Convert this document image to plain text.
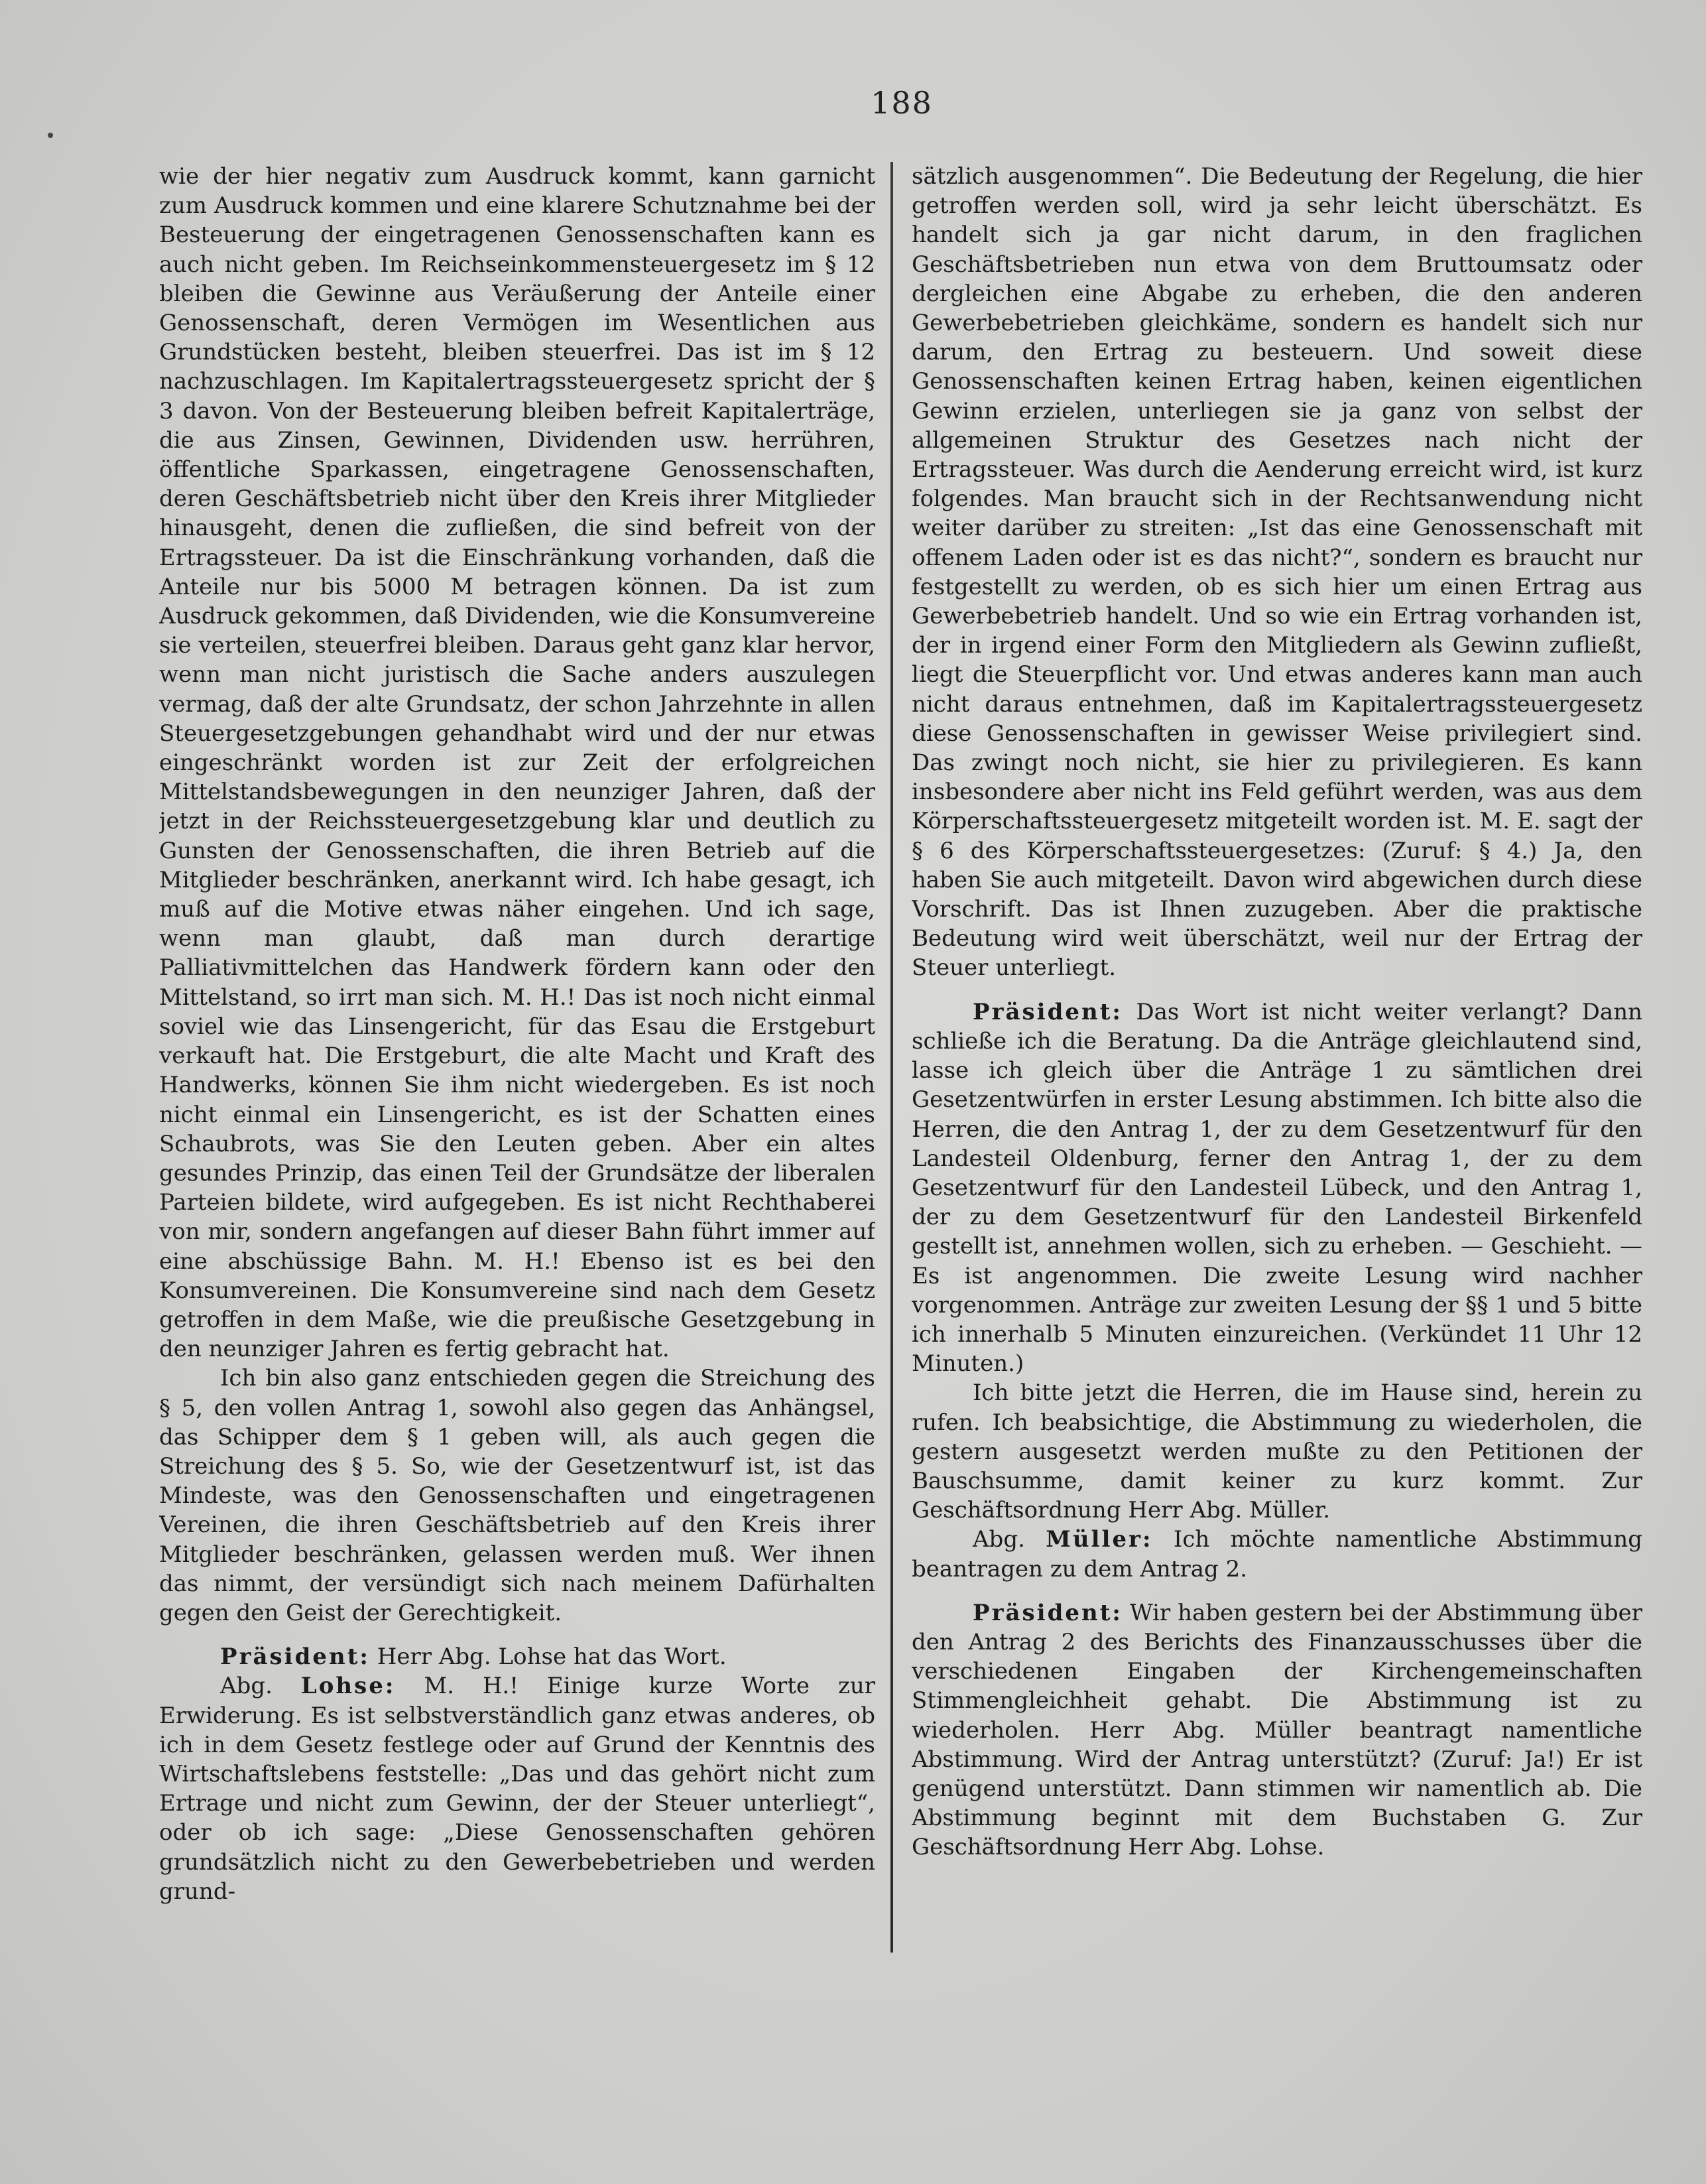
188

wie der hier negativ zum Ausdruck kommt, kann garnicht zum Ausdruck kommen und eine klarere Schutznahme bei der Besteuerung der eingetragenen Genossenschaften kann es auch nicht geben. Im Reichseinkommensteuergesetz im § 12 bleiben die Gewinne aus Veräußerung der Anteile einer Genossenschaft, deren Vermögen im Wesentlichen aus Grundstücken besteht, bleiben steuerfrei. Das ist im § 12 nachzuschlagen. Im Kapitalertragssteuergesetz spricht der § 3 davon. Von der Besteuerung bleiben befreit Kapitalerträge, die aus Zinsen, Gewinnen, Dividenden usw. herrühren, öffentliche Sparkassen, eingetragene Genossenschaften, deren Geschäftsbetrieb nicht über den Kreis ihrer Mitglieder hinausgeht, denen die zufließen, die sind befreit von der Ertragssteuer. Da ist die Einschränkung vorhanden, daß die Anteile nur bis 5000 M betragen können. Da ist zum Ausdruck gekommen, daß Dividenden, wie die Konsumvereine sie verteilen, steuerfrei bleiben. Daraus geht ganz klar hervor, wenn man nicht juristisch die Sache anders auszulegen vermag, daß der alte Grundsatz, der schon Jahrzehnte in allen Steuergesetzgebungen gehandhabt wird und der nur etwas eingeschränkt worden ist zur Zeit der erfolgreichen Mittelstandsbewegungen in den neunziger Jahren, daß der jetzt in der Reichssteuergesetzgebung klar und deutlich zu Gunsten der Genossenschaften, die ihren Betrieb auf die Mitglieder beschränken, anerkannt wird. Ich habe gesagt, ich muß auf die Motive etwas näher eingehen. Und ich sage, wenn man glaubt, daß man durch derartige Palliativmittelchen das Handwerk fördern kann oder den Mittelstand, so irrt man sich. M. H.! Das ist noch nicht einmal soviel wie das Linsengericht, für das Esau die Erstgeburt verkauft hat. Die Erstgeburt, die alte Macht und Kraft des Handwerks, können Sie ihm nicht wiedergeben. Es ist noch nicht einmal ein Linsengericht, es ist der Schatten eines Schaubrots, was Sie den Leuten geben. Aber ein altes gesundes Prinzip, das einen Teil der Grundsätze der liberalen Parteien bildete, wird aufgegeben. Es ist nicht Rechthaberei von mir, sondern angefangen auf dieser Bahn führt immer auf eine abschüssige Bahn. M. H.! Ebenso ist es bei den Konsumvereinen. Die Konsumvereine sind nach dem Gesetz getroffen in dem Maße, wie die preußische Gesetzgebung in den neunziger Jahren es fertig gebracht hat.

Ich bin also ganz entschieden gegen die Streichung des § 5, den vollen Antrag 1, sowohl also gegen das Anhängsel, das Schipper dem § 1 geben will, als auch gegen die Streichung des § 5. So, wie der Gesetzentwurf ist, ist das Mindeste, was den Genossenschaften und eingetragenen Vereinen, die ihren Geschäftsbetrieb auf den Kreis ihrer Mitglieder beschränken, gelassen werden muß. Wer ihnen das nimmt, der versündigt sich nach meinem Dafürhalten gegen den Geist der Gerechtigkeit.

Präsident: Herr Abg. Lohse hat das Wort.

Abg. Lohse: M. H.! Einige kurze Worte zur Erwiderung. Es ist selbstverständlich ganz etwas anderes, ob ich in dem Gesetz festlege oder auf Grund der Kenntnis des Wirtschaftslebens feststelle: „Das und das gehört nicht zum Ertrage und nicht zum Gewinn, der der Steuer unterliegt“, oder ob ich sage: „Diese Genossenschaften gehören grundsätzlich nicht zu den Gewerbebetrieben und werden grund-

sätzlich ausgenommen“. Die Bedeutung der Regelung, die hier getroffen werden soll, wird ja sehr leicht überschätzt. Es handelt sich ja gar nicht darum, in den fraglichen Geschäftsbetrieben nun etwa von dem Bruttoumsatz oder dergleichen eine Abgabe zu erheben, die den anderen Gewerbebetrieben gleichkäme, sondern es handelt sich nur darum, den Ertrag zu besteuern. Und soweit diese Genossenschaften keinen Ertrag haben, keinen eigentlichen Gewinn erzielen, unterliegen sie ja ganz von selbst der allgemeinen Struktur des Gesetzes nach nicht der Ertragssteuer. Was durch die Aenderung erreicht wird, ist kurz folgendes. Man braucht sich in der Rechtsanwendung nicht weiter darüber zu streiten: „Ist das eine Genossenschaft mit offenem Laden oder ist es das nicht?“, sondern es braucht nur festgestellt zu werden, ob es sich hier um einen Ertrag aus Gewerbebetrieb handelt. Und so wie ein Ertrag vorhanden ist, der in irgend einer Form den Mitgliedern als Gewinn zufließt, liegt die Steuerpflicht vor. Und etwas anderes kann man auch nicht daraus entnehmen, daß im Kapitalertragssteuergesetz diese Genossenschaften in gewisser Weise privilegiert sind. Das zwingt noch nicht, sie hier zu privilegieren. Es kann insbesondere aber nicht ins Feld geführt werden, was aus dem Körperschaftssteuergesetz mitgeteilt worden ist. M. E. sagt der § 6 des Körperschaftssteuergesetzes: (Zuruf: § 4.) Ja, den haben Sie auch mitgeteilt. Davon wird abgewichen durch diese Vorschrift. Das ist Ihnen zuzugeben. Aber die praktische Bedeutung wird weit überschätzt, weil nur der Ertrag der Steuer unterliegt.

Präsident: Das Wort ist nicht weiter verlangt? Dann schließe ich die Beratung. Da die Anträge gleichlautend sind, lasse ich gleich über die Anträge 1 zu sämtlichen drei Gesetzentwürfen in erster Lesung abstimmen. Ich bitte also die Herren, die den Antrag 1, der zu dem Gesetzentwurf für den Landesteil Oldenburg, ferner den Antrag 1, der zu dem Gesetzentwurf für den Landesteil Lübeck, und den Antrag 1, der zu dem Gesetzentwurf für den Landesteil Birkenfeld gestellt ist, annehmen wollen, sich zu erheben. — Geschieht. — Es ist angenommen. Die zweite Lesung wird nachher vorgenommen. Anträge zur zweiten Lesung der §§ 1 und 5 bitte ich innerhalb 5 Minuten einzureichen. (Verkündet 11 Uhr 12 Minuten.)

Ich bitte jetzt die Herren, die im Hause sind, herein zu rufen. Ich beabsichtige, die Abstimmung zu wiederholen, die gestern ausgesetzt werden mußte zu den Petitionen der Bauschsumme, damit keiner zu kurz kommt. Zur Geschäftsordnung Herr Abg. Müller.

Abg. Müller: Ich möchte namentliche Abstimmung beantragen zu dem Antrag 2.

Präsident: Wir haben gestern bei der Abstimmung über den Antrag 2 des Berichts des Finanzausschusses über die verschiedenen Eingaben der Kirchengemeinschaften Stimmengleichheit gehabt. Die Abstimmung ist zu wiederholen. Herr Abg. Müller beantragt namentliche Abstimmung. Wird der Antrag unterstützt? (Zuruf: Ja!) Er ist genügend unterstützt. Dann stimmen wir namentlich ab. Die Abstimmung beginnt mit dem Buchstaben G. Zur Geschäftsordnung Herr Abg. Lohse.
